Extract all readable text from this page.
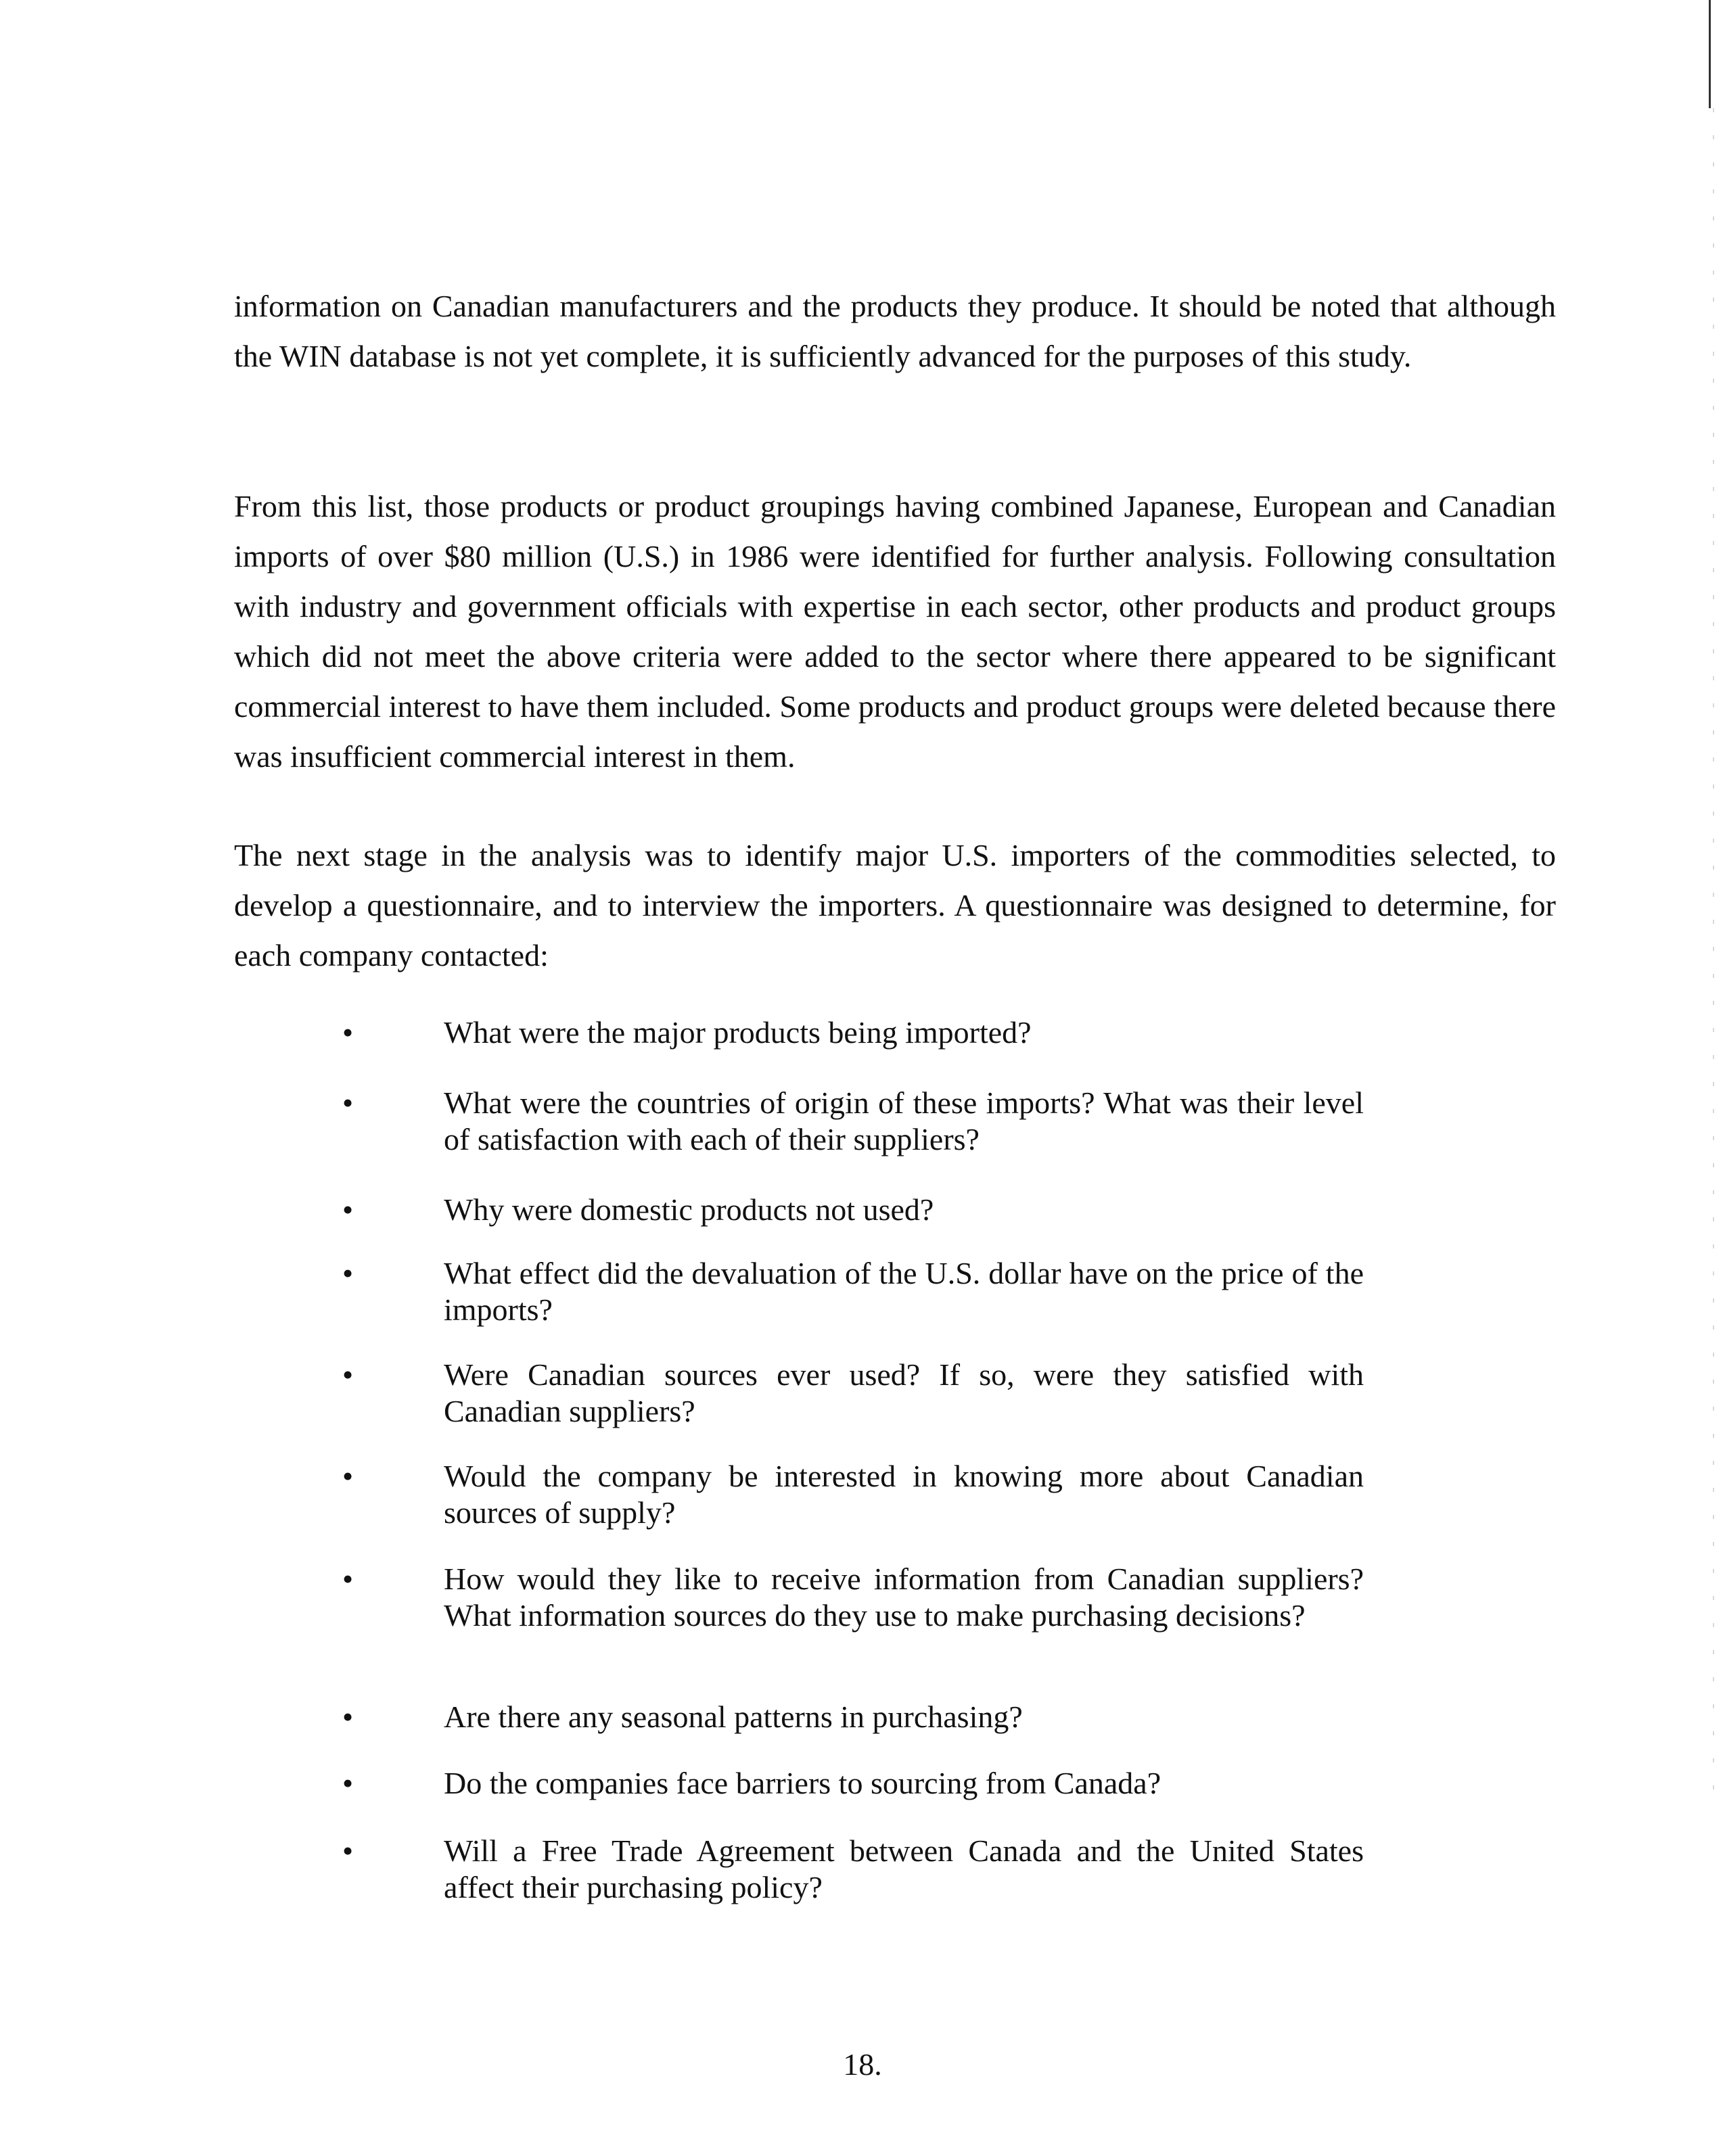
information on Canadian manufacturers and the products they produce. It should be noted that although the WIN database is not yet complete, it is sufficiently advanced for the purposes of this study.

From this list, those products or product groupings having combined Japanese, European and Canadian imports of over $80 million (U.S.) in 1986 were identified for further analysis. Following consultation with industry and government officials with expertise in each sector, other products and product groups which did not meet the above criteria were added to the sector where there appeared to be significant commercial interest to have them included. Some products and product groups were deleted because there was insufficient commercial interest in them.

The next stage in the analysis was to identify major U.S. importers of the commodities selected, to develop a questionnaire, and to interview the importers. A questionnaire was designed to determine, for each company contacted:

•	What were the major products being imported?
•	What were the countries of origin of these imports? What was their level of satisfaction with each of their suppliers?
•	Why were domestic products not used?
•	What effect did the devaluation of the U.S. dollar have on the price of the imports?
•	Were Canadian sources ever used? If so, were they satisfied with Canadian suppliers?
•	Would the company be interested in knowing more about Canadian sources of supply?
•	How would they like to receive information from Canadian suppliers? What information sources do they use to make purchasing decisions?
•	Are there any seasonal patterns in purchasing?
•	Do the companies face barriers to sourcing from Canada?
•	Will a Free Trade Agreement between Canada and the United States affect their purchasing policy?
18.
